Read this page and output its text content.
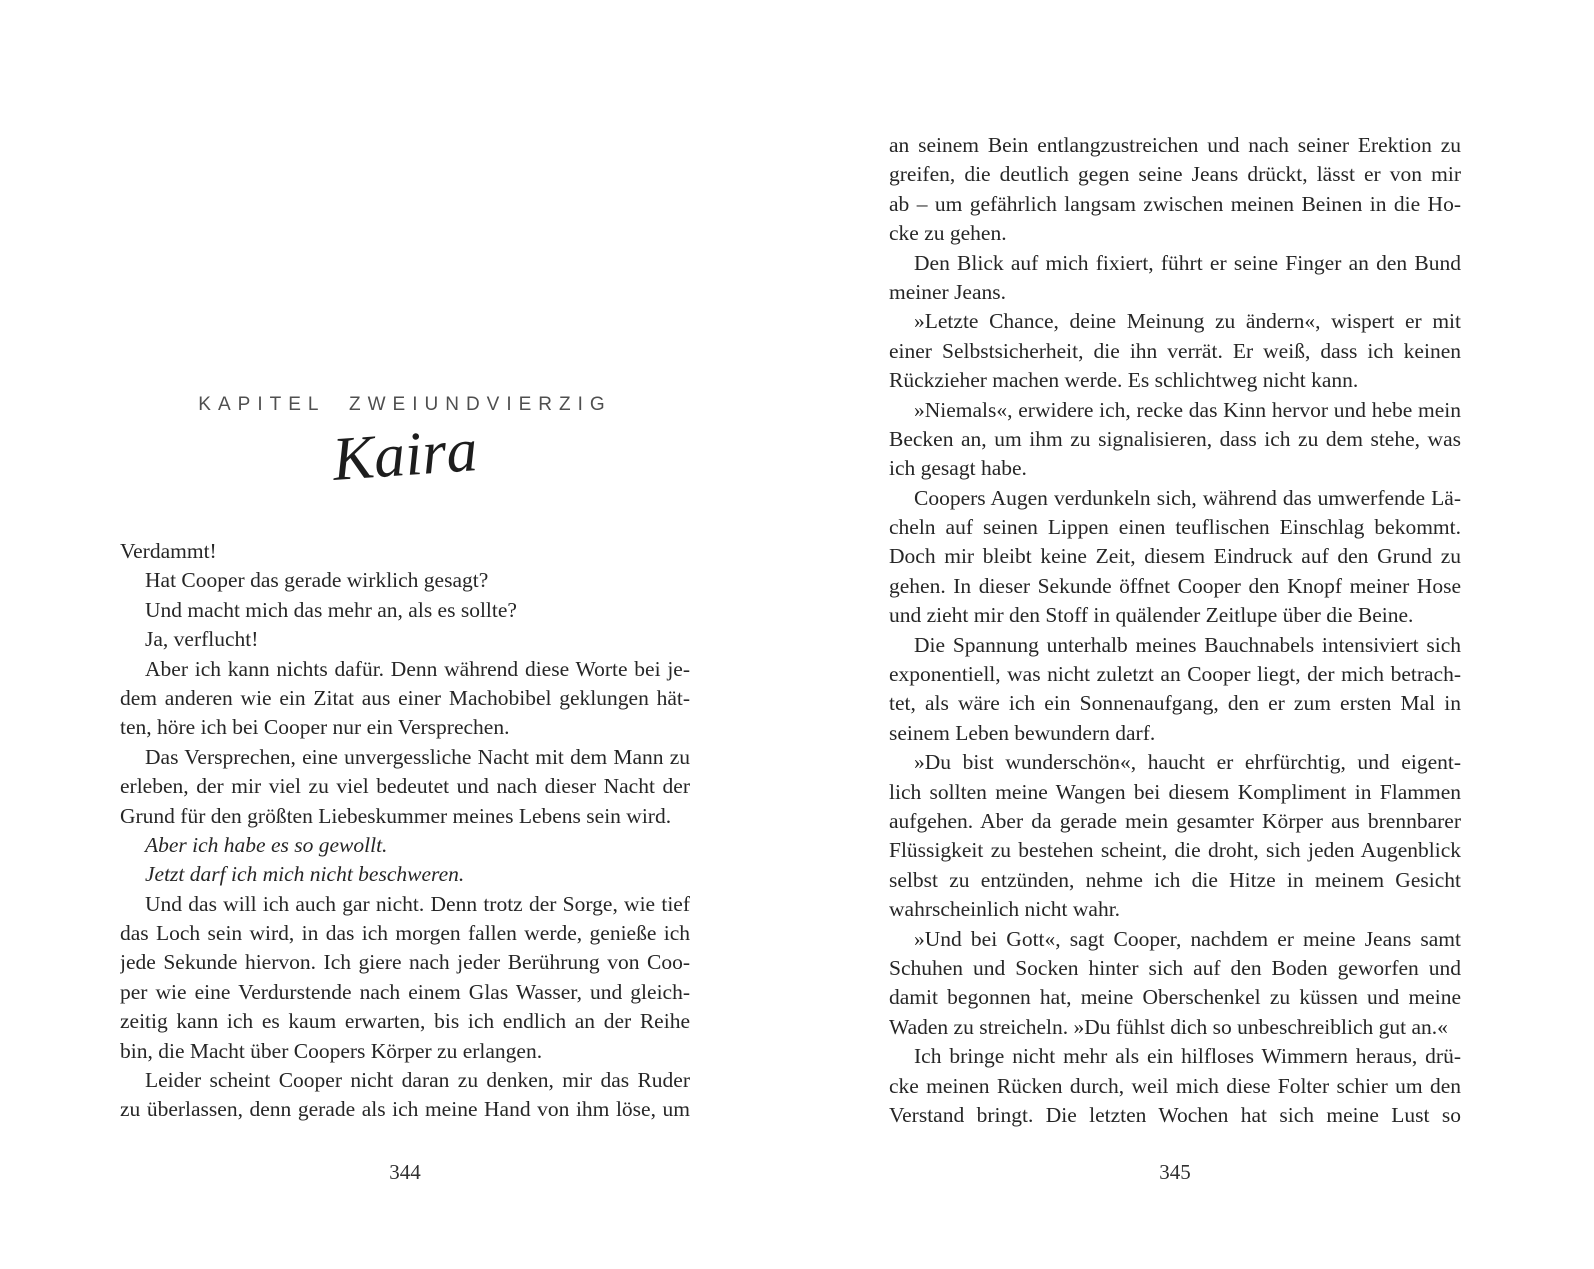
KAPITEL ZWEIUNDVIERZIG
Kaira
Verdammt!
Hat Cooper das gerade wirklich gesagt?
Und macht mich das mehr an, als es sollte?
Ja, verflucht!
Aber ich kann nichts dafür. Denn während diese Worte bei je-
dem anderen wie ein Zitat aus einer Machobibel geklungen hät-
ten, höre ich bei Cooper nur ein Versprechen.
Das Versprechen, eine unvergessliche Nacht mit dem Mann zu
erleben, der mir viel zu viel bedeutet und nach dieser Nacht der
Grund für den größten Liebeskummer meines Lebens sein wird.
Aber ich habe es so gewollt.
Jetzt darf ich mich nicht beschweren.
Und das will ich auch gar nicht. Denn trotz der Sorge, wie tief
das Loch sein wird, in das ich morgen fallen werde, genieße ich
jede Sekunde hiervon. Ich giere nach jeder Berührung von Coo-
per wie eine Verdurstende nach einem Glas Wasser, und gleich-
zeitig kann ich es kaum erwarten, bis ich endlich an der Reihe
bin, die Macht über Coopers Körper zu erlangen.
Leider scheint Cooper nicht daran zu denken, mir das Ruder
zu überlassen, denn gerade als ich meine Hand von ihm löse, um
344
an seinem Bein entlangzustreichen und nach seiner Erektion zu
greifen, die deutlich gegen seine Jeans drückt, lässt er von mir
ab – um gefährlich langsam zwischen meinen Beinen in die Ho-
cke zu gehen.
Den Blick auf mich fixiert, führt er seine Finger an den Bund
meiner Jeans.
»Letzte Chance, deine Meinung zu ändern«, wispert er mit
einer Selbstsicherheit, die ihn verrät. Er weiß, dass ich keinen
Rückzieher machen werde. Es schlichtweg nicht kann.
»Niemals«, erwidere ich, recke das Kinn hervor und hebe mein
Becken an, um ihm zu signalisieren, dass ich zu dem stehe, was
ich gesagt habe.
Coopers Augen verdunkeln sich, während das umwerfende Lä-
cheln auf seinen Lippen einen teuflischen Einschlag bekommt.
Doch mir bleibt keine Zeit, diesem Eindruck auf den Grund zu
gehen. In dieser Sekunde öffnet Cooper den Knopf meiner Hose
und zieht mir den Stoff in quälender Zeitlupe über die Beine.
Die Spannung unterhalb meines Bauchnabels intensiviert sich
exponentiell, was nicht zuletzt an Cooper liegt, der mich betrach-
tet, als wäre ich ein Sonnenaufgang, den er zum ersten Mal in
seinem Leben bewundern darf.
»Du bist wunderschön«, haucht er ehrfürchtig, und eigent-
lich sollten meine Wangen bei diesem Kompliment in Flammen
aufgehen. Aber da gerade mein gesamter Körper aus brennbarer
Flüssigkeit zu bestehen scheint, die droht, sich jeden Augenblick
selbst zu entzünden, nehme ich die Hitze in meinem Gesicht
wahrscheinlich nicht wahr.
»Und bei Gott«, sagt Cooper, nachdem er meine Jeans samt
Schuhen und Socken hinter sich auf den Boden geworfen und
damit begonnen hat, meine Oberschenkel zu küssen und meine
Waden zu streicheln. »Du fühlst dich so unbeschreiblich gut an.«
Ich bringe nicht mehr als ein hilfloses Wimmern heraus, drü-
cke meinen Rücken durch, weil mich diese Folter schier um den
Verstand bringt. Die letzten Wochen hat sich meine Lust so
345
